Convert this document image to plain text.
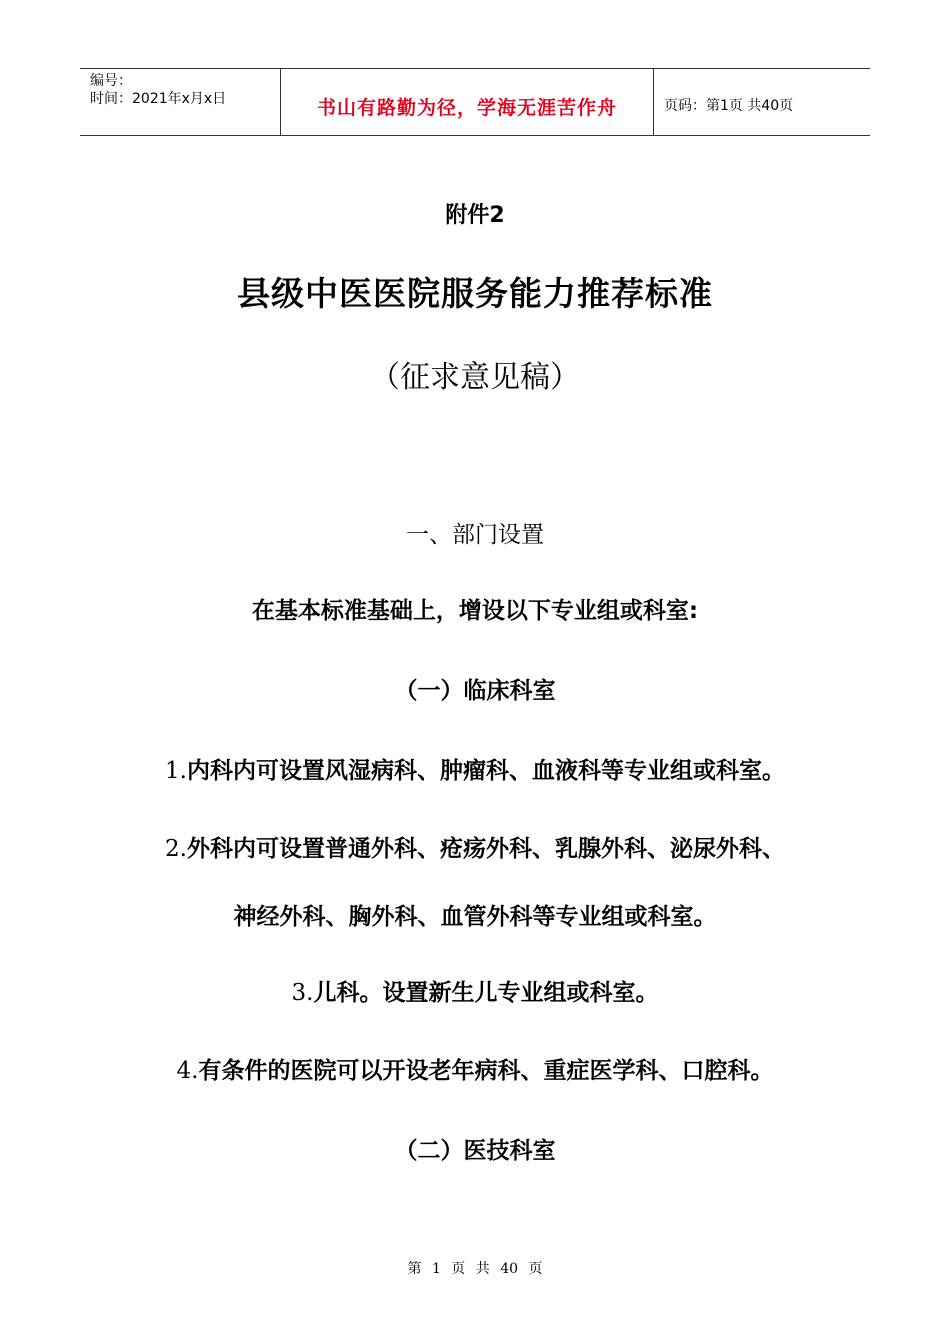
编号：
时间：2021年x月x日	书山有路勤为径，学海无涯苦作舟	页码：第1页 共40页
附件2
县级中医医院服务能力推荐标准
（征求意见稿）
一、部门设置
在基本标准基础上，增设以下专业组或科室:
（一）临床科室
1.内科内可设置风湿病科、肿瘤科、血液科等专业组或科室。
2.外科内可设置普通外科、疮疡外科、乳腺外科、泌尿外科、
神经外科、胸外科、血管外科等专业组或科室。
3.儿科。设置新生儿专业组或科室。
4.有条件的医院可以开设老年病科、重症医学科、口腔科。
（二）医技科室
第 1 页 共 40 页
